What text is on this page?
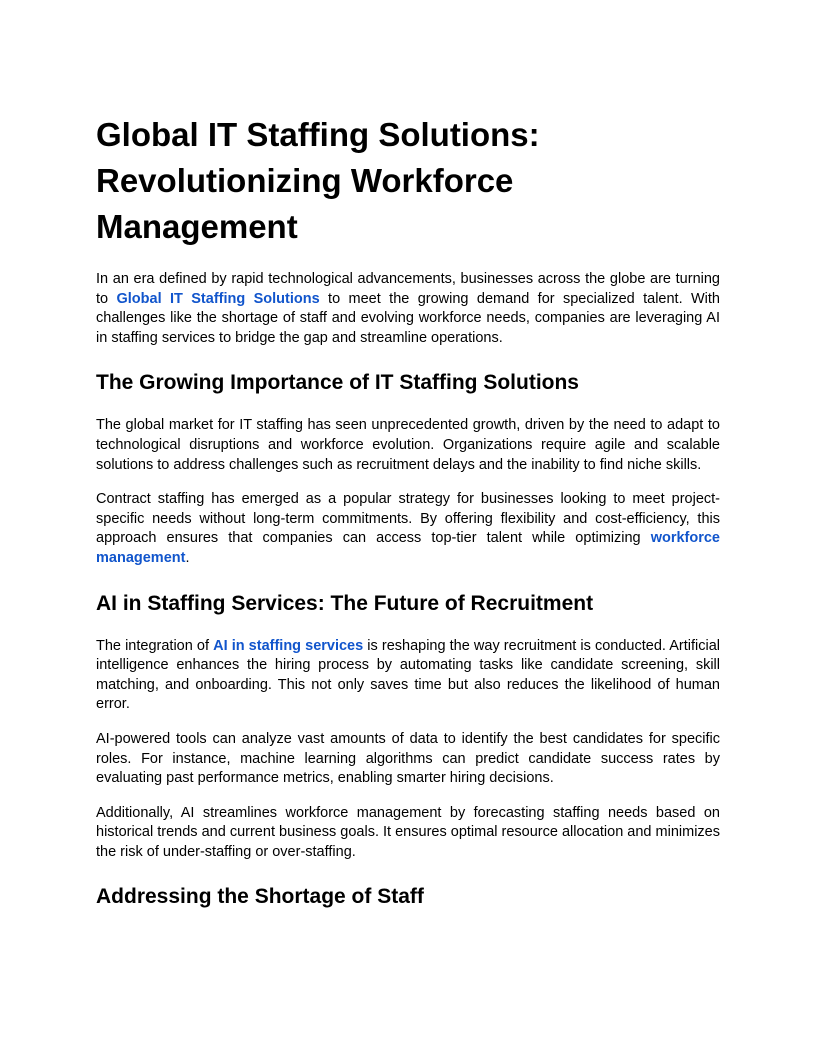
Global IT Staffing Solutions:
Revolutionizing Workforce
Management

In an era defined by rapid technological advancements, businesses across the globe are turning to Global IT Staffing Solutions to meet the growing demand for specialized talent. With challenges like the shortage of staff and evolving workforce needs, companies are leveraging AI in staffing services to bridge the gap and streamline operations.

The Growing Importance of IT Staffing Solutions

The global market for IT staffing has seen unprecedented growth, driven by the need to adapt to technological disruptions and workforce evolution. Organizations require agile and scalable solutions to address challenges such as recruitment delays and the inability to find niche skills.

Contract staffing has emerged as a popular strategy for businesses looking to meet project-specific needs without long-term commitments. By offering flexibility and cost-efficiency, this approach ensures that companies can access top-tier talent while optimizing workforce management.

AI in Staffing Services: The Future of Recruitment

The integration of AI in staffing services is reshaping the way recruitment is conducted. Artificial intelligence enhances the hiring process by automating tasks like candidate screening, skill matching, and onboarding. This not only saves time but also reduces the likelihood of human error.

AI-powered tools can analyze vast amounts of data to identify the best candidates for specific roles. For instance, machine learning algorithms can predict candidate success rates by evaluating past performance metrics, enabling smarter hiring decisions.

Additionally, AI streamlines workforce management by forecasting staffing needs based on historical trends and current business goals. It ensures optimal resource allocation and minimizes the risk of under-staffing or over-staffing.

Addressing the Shortage of Staff
